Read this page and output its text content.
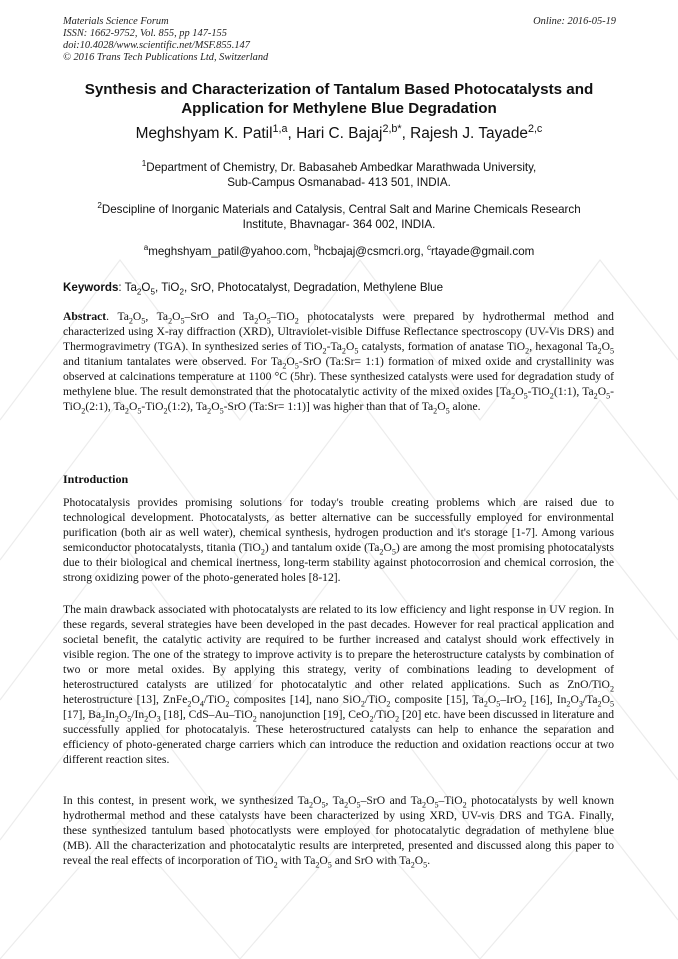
Materials Science Forum
ISSN: 1662-9752, Vol. 855, pp 147-155
doi:10.4028/www.scientific.net/MSF.855.147
© 2016 Trans Tech Publications Ltd, Switzerland
Online: 2016-05-19
Synthesis and Characterization of Tantalum Based Photocatalysts and
Application for Methylene Blue Degradation
Meghshyam K. Patil$^{1,a}$, Hari C. Bajaj$^{2,b*}$, Rajesh J. Tayade$^{2,c}$
$^1$Department of Chemistry, Dr. Babasaheb Ambedkar Marathwada University,
Sub-Campus Osmanabad- 413 501, INDIA.
$^2$Descipline of Inorganic Materials and Catalysis, Central Salt and Marine Chemicals Research
Institute, Bhavnagar- 364 002, INDIA.
$^a$meghshyam_patil@yahoo.com, $^b$hcbajaj@csmcri.org, $^c$rtayade@gmail.com
Keywords: $Ta_2O_5$, TiO$_2$, SrO, Photocatalyst, Degradation, Methylene Blue
Abstract. $Ta_2O_5$, $Ta_2O_5$–SrO and $Ta_2O_5-TiO_2$ photocatalysts were prepared by hydrothermal method and characterized using X-ray diffraction (XRD), Ultraviolet-visible Diffuse Reflectance spectroscopy (UV-Vis DRS) and Thermogravimetry (TGA). In synthesized series of $TiO_2-Ta_2O_5$ catalysts, formation of anatase TiO$_2$, hexagonal $Ta_2O_5$ and titanium tantalates were observed. For $Ta_2O_5$-SrO (Ta:Sr= 1:1) formation of mixed oxide and crystallinity was observed at calcinations temperature at 1100 °C (5hr). These synthesized catalysts were used for degradation study of methylene blue. The result demonstrated that the photocatalytic activity of the mixed oxides [$Ta_2O_5-TiO_2(1:1)$, $Ta_2O_5-TiO_2(2:1)$, $Ta_2O_5-TiO_2(1:2)$, $Ta_2O_5$-SrO (Ta:Sr= 1:1)] was higher than that of $Ta_2O_5$ alone.
Introduction
Photocatalysis provides promising solutions for today's trouble creating problems which are raised due to technological development. Photocatalysts, as better alternative can be successfully employed for environmental purification (both air as well water), chemical synthesis, hydrogen production and it's storage [1-7]. Among various semiconductor photocatalysts, titania (TiO$_2$) and tantalum oxide $(Ta_2O_5)$ are among the most promising photocatalysts due to their biological and chemical inertness, long-term stability against photocorrosion and chemical corrosion, the strong oxidizing power of the photo-generated holes [8-12].
The main drawback associated with photocatalysts are related to its low efficiency and light response in UV region. In these regards, several strategies have been developed in the past decades. However for real practical application and societal benefit, the catalytic activity are required to be further increased and catalyst should work effectively in visible region. The one of the strategy to improve activity is to prepare the heterostructure catalysts by combination of two or more metal oxides. By applying this strategy, verity of combinations leading to development of heterostructured catalysts are utilized for photocatalytic and other related applications. Such as ZnO/TiO$_2$ heterostructure [13], $ZnFe_2O_4/TiO_2$ composites [14], nano SiO$_2$/TiO$_2$ composite [15], $Ta_2O_5-IrO_2$ [16], $In_2O_3/Ta_2O_5$ [17], $Ba_2In_2O_5/In_2O_3$ [18], CdS–Au–TiO$_2$ nanojunction [19], CeO$_2$/TiO$_2$ [20] etc. have been discussed in literature and successfully applied for photocatalyis. These heterostructured catalysts can help to enhance the separation and efficiency of photo-generated charge carriers which can introduce the reduction and oxidation reactions occur at two different reaction sites.
In this contest, in present work, we synthesized $Ta_2O_5$, $Ta_2O_5$–SrO and $Ta_2O_5-TiO_2$ photocatalysts by well known hydrothermal method and these catalysts have been characterized by using XRD, UV-vis DRS and TGA. Finally, these synthesized tantulum based photocatlysts were employed for photocatalytic degradation of methylene blue (MB). All the characterization and photocatalytic results are interpreted, presented and discussed along this paper to reveal the real effects of incorporation of TiO$_2$ with $Ta_2O_5$ and SrO with $Ta_2O_5$.
